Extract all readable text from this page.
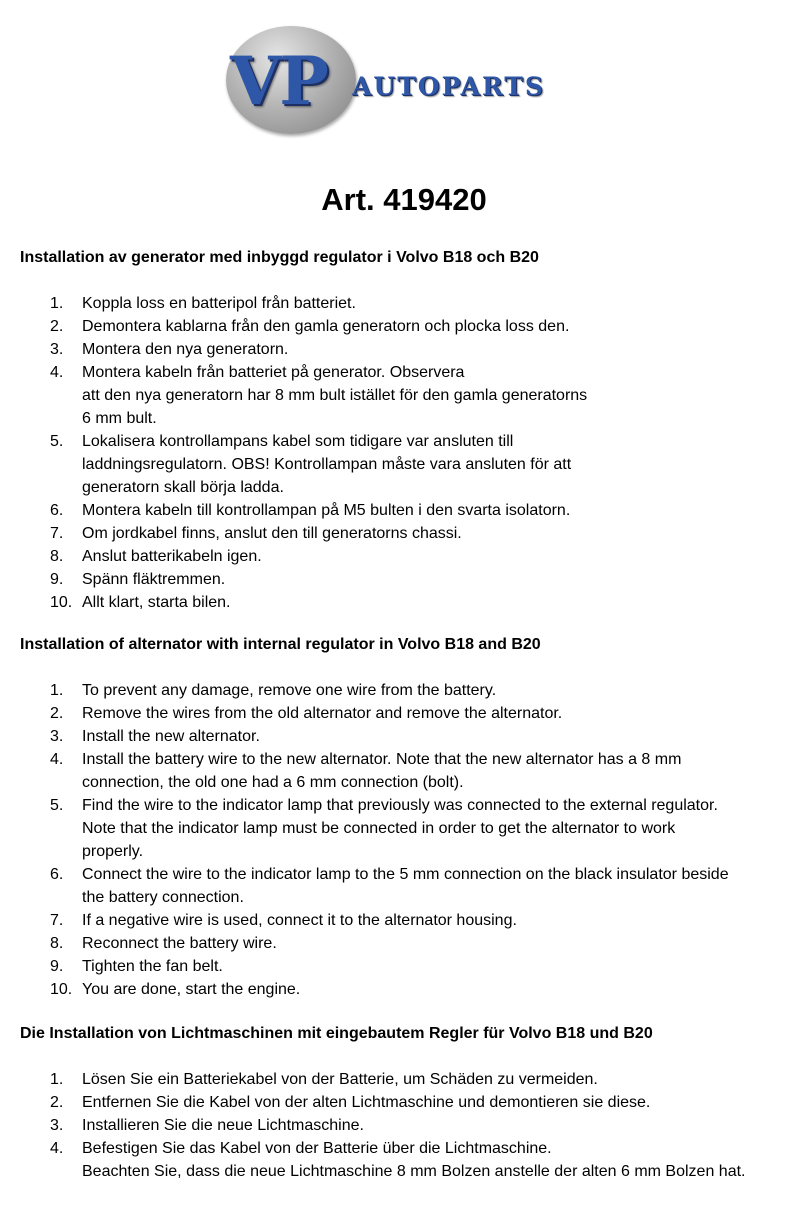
VP AUTOPARTS
Art. 419420
Installation av generator med inbyggd regulator i Volvo B18 och B20
1. Koppla loss en batteripol från batteriet.
2. Demontera kablarna från den gamla generatorn och plocka loss den.
3. Montera den nya generatorn.
4. Montera kabeln från batteriet på generator. Observera
att den nya generatorn har 8 mm bult istället för den gamla generatorns
6 mm bult.
5. Lokalisera kontrollampans kabel som tidigare var ansluten till
laddningsregulatorn. OBS! Kontrollampan måste vara ansluten för att
generatorn skall börja ladda.
6. Montera kabeln till kontrollampan på M5 bulten i den svarta isolatorn.
7. Om jordkabel finns, anslut den till generatorns chassi.
8. Anslut batterikabeln igen.
9. Spänn fläktremmen.
10. Allt klart, starta bilen.
Installation of alternator with internal regulator in Volvo B18 and B20
1. To prevent any damage, remove one wire from the battery.
2. Remove the wires from the old alternator and remove the alternator.
3. Install the new alternator.
4. Install the battery wire to the new alternator. Note that the new alternator has a 8 mm
connection, the old one had a 6 mm connection (bolt).
5. Find the wire to the indicator lamp that previously was connected to the external regulator.
Note that the indicator lamp must be connected in order to get the alternator to work
properly.
6. Connect the wire to the indicator lamp to the 5 mm connection on the black insulator beside
the battery connection.
7. If a negative wire is used, connect it to the alternator housing.
8. Reconnect the battery wire.
9. Tighten the fan belt.
10. You are done, start the engine.
Die Installation von Lichtmaschinen mit eingebautem Regler für Volvo B18 und B20
1. Lösen Sie ein Batteriekabel von der Batterie, um Schäden zu vermeiden.
2. Entfernen Sie die Kabel von der alten Lichtmaschine und demontieren sie diese.
3. Installieren Sie die neue Lichtmaschine.
4. Befestigen Sie das Kabel von der Batterie über die Lichtmaschine.
Beachten Sie, dass die neue Lichtmaschine 8 mm Bolzen anstelle der alten 6 mm Bolzen hat.
